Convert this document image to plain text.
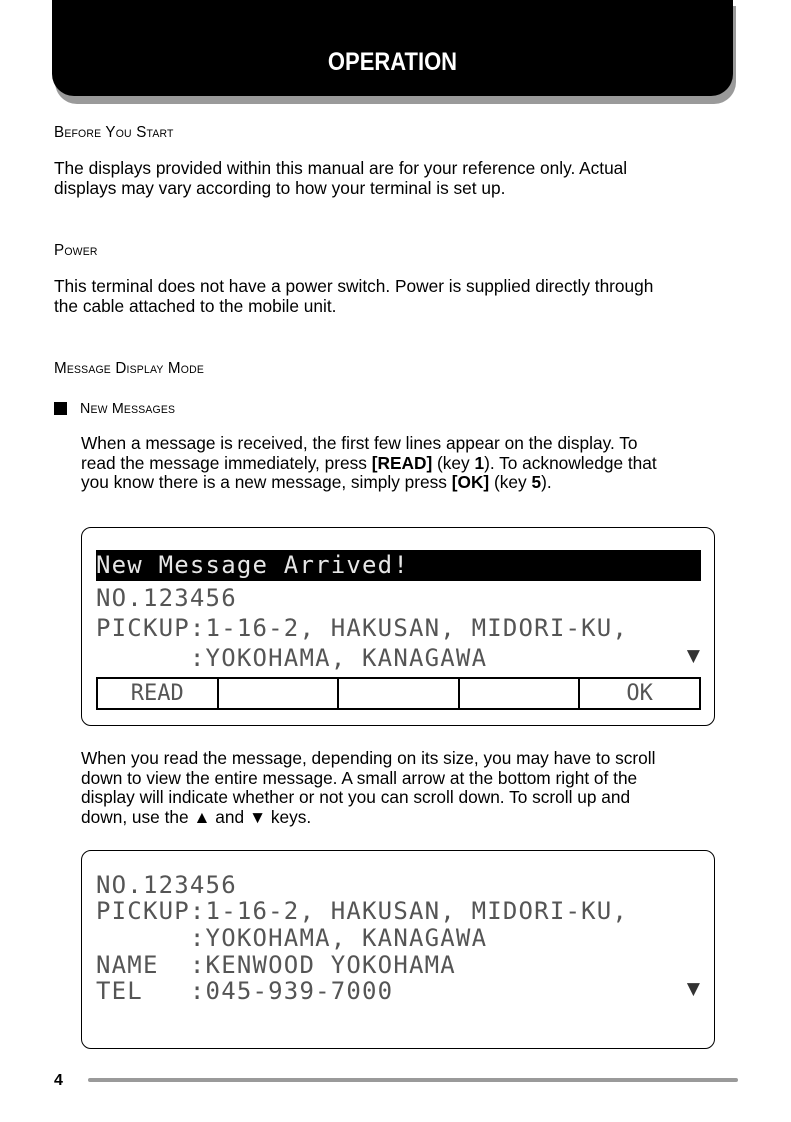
OPERATION
Before You Start
The displays provided within this manual are for your reference only. Actual
displays may vary according to how your terminal is set up.
Power
This terminal does not have a power switch. Power is supplied directly through
the cable attached to the mobile unit.
Message Display Mode
New Messages
When a message is received, the first few lines appear on the display. To
read the message immediately, press [READ] (key 1). To acknowledge that
you know there is a new message, simply press [OK] (key 5).
New Message Arrived!
NO.123456
PICKUP:1-16-2, HAKUSAN, MIDORI-KU,
:YOKOHAMA, KANAGAWA	▼
READ	OK
When you read the message, depending on its size, you may have to scroll
down to view the entire message. A small arrow at the bottom right of the
display will indicate whether or not you can scroll down. To scroll up and
down, use the ▲ and ▼ keys.
NO.123456
PICKUP:1-16-2, HAKUSAN, MIDORI-KU,
:YOKOHAMA, KANAGAWA
NAME  :KENWOOD YOKOHAMA
TEL   :045-939-7000	▼
4
